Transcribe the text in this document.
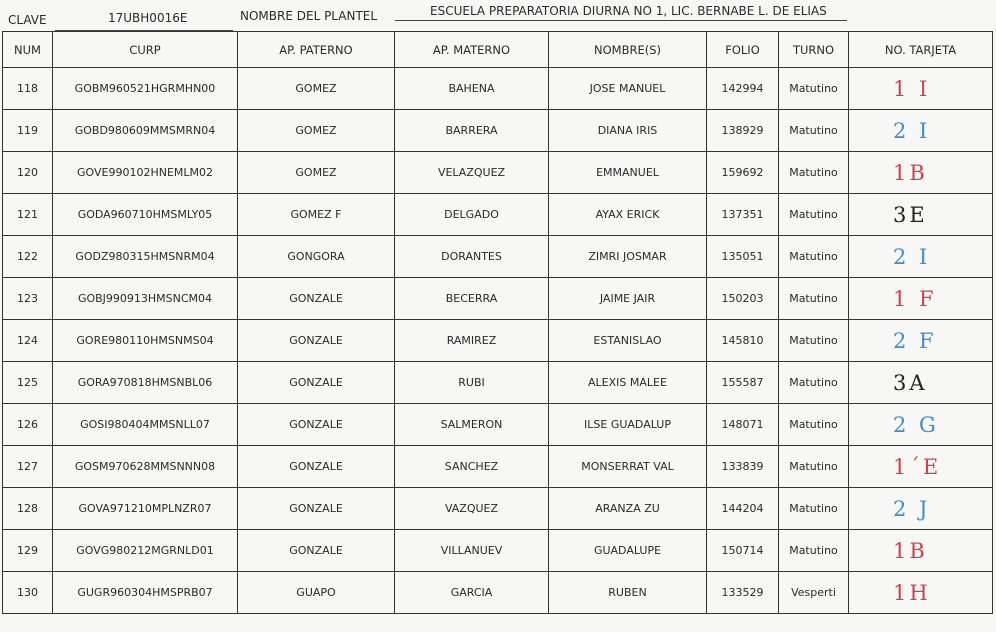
CLAVE	17UBH0016E	NOMBRE DEL PLANTEL	ESCUELA PREPARATORIA DIURNA NO 1, LIC. BERNABE L. DE ELIAS
NUM	CURP	AP. PATERNO	AP. MATERNO	NOMBRE(S)	FOLIO	TURNO	NO. TARJETA
118	GOBM960521HGRMHN00	GOMEZ	BAHENA	JOSE MANUEL	142994	Matutino	1 I
119	GOBD980609MMSMRN04	GOMEZ	BARRERA	DIANA IRIS	138929	Matutino	2 I
120	GOVE990102HNEMLM02	GOMEZ	VELAZQUEZ	EMMANUEL	159692	Matutino	1B
121	GODA960710HMSMLY05	GOMEZ F	DELGADO	AYAX ERICK	137351	Matutino	3E
122	GODZ980315HMSNRM04	GONGORA	DORANTES	ZIMRI JOSMAR	135051	Matutino	2 I
123	GOBJ990913HMSNCM04	GONZALE	BECERRA	JAIME JAIR	150203	Matutino	1 F
124	GORE980110HMSNMS04	GONZALE	RAMIREZ	ESTANISLAO	145810	Matutino	2 F
125	GORA970818HMSNBL06	GONZALE	RUBI	ALEXIS MALEE	155587	Matutino	3A
126	GOSI980404MMSNLL07	GONZALE	SALMERON	ILSE GUADALUP	148071	Matutino	2 G
127	GOSM970628MMSNNN08	GONZALE	SANCHEZ	MONSERRAT VAL	133839	Matutino	1´E
128	GOVA971210MPLNZR07	GONZALE	VAZQUEZ	ARANZA ZU	144204	Matutino	2 J
129	GOVG980212MGRNLD01	GONZALE	VILLANUEV	GUADALUPE	150714	Matutino	1B
130	GUGR960304HMSPRB07	GUAPO	GARCIA	RUBEN	133529	Vesperti	1H
